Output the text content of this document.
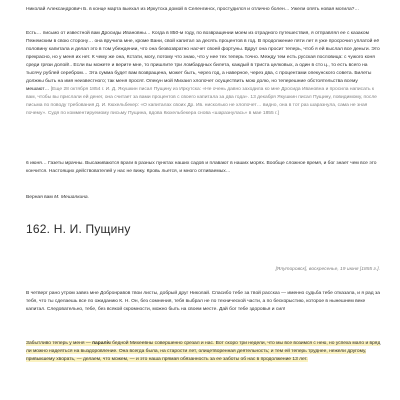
Николай Александрович Б. в конце марта выехал из Иркутска домой в Селенгинск, простудился и отлично болен… Ужели опять новая могила?…

Есть… письмо от известной вам Дросиды Ивановны… Когда в 850-м году, по возвращении моем из отрадного путешествия, я отправлял ее с казаком Пежемским в свою сторону… она вручила мне, кроме Вани, свой капитал за десять процентов в год. В продолжение пяти лет я уже просрочил уплатой её половину капитала и делал это в том убеждении, что она безвозвратно насчет своей фортуны. Вдруг она просит теперь, чтоб я ей выслал все деньги. Это прекрасно, но у меня их нет. К чему же она, Кстати, могу, потому что знаю, что у нее тех теперь точно. Между тем есть русская пословица: с чужого коня среди грязи долой!.. Если вы можете и верите мне, то пришлите три ломбардных билета, каждый в триста целковых, а один в сто ц., то есть всего на тысячу рублей серебром… Эта сумма будет вам возвращена, может быть, через год, а наверное, через два, с процентами опекунского совета. Билеты должны быть на имя неизвестного; так меня просят. Опекун мой Михаил хлопочет осуществить мою долю, но теперешние обстоятельства всему мешают… [Еще 28 октября 1854 г. И. Д. Якушкин писал Пущину из Иркутска: «Не очень давно заходила ко мне Дросида Ивановна и просила написать к вам, чтобы вы прислали ей денег, она считает за вами процентов с своего капитала за два года». 13 декабря Якушкин писал Пущину, повидимому, после письма по поводу требования Д. И. Кюхельбекер: «О капиталах своих Др. Ив. нисколько не хлопочет… видно, она в тот раз шаразнула, сама не зная почему». Судя по комментируемому письму Пущина, вдова Кюхельбекера снова «шаразнулась» в мае 1855 г.]

6 июня… Газеты мрачны. Высаживаются враги в разных пунктах наших садов и плавают в наших морях. Вообще сложное время, и бог знает чем все это кончится. Настоящих действователей у нас не вижу. Кровь льется, и много отливаемых…

Верная вам М. Мешалкина.

162. Н. И. Пущину

[Ялуторовск], воскресенье, 19 июня [1855 г.].

В четверг рано утром завез мне Добронравов твои листы, добрый друг Николай. Спасибо тебе за твой рассказ — именно судьба тебе отказала, и я рад за тебя, что ты сделаешь все по ожиданию К. Н. Он, без сомнения, тебя выбрал не по технической части, а по бескорыстию, которое в нынешнем веке капитал. Следовательно, тебе, без всякой скромности, можно быть на своем месте. Дай бог тебе здоровья и сил!

Забытливо теперь у меня — параліч бедной Михеевны совершенно срезал и нас. Вот скоро три недели, что мы все возимся с нею, но успеха мало и вряд ли можно надеяться на выздоровление. Она всегда была, на старости лет, олицетворенная деятельность; и тем ей теперь труднее, нежели другому, привыкшему хворать, — делаем, что можем, — и это наша прямая обязанность за ее заботы об нас в продолжение 13 лет.
